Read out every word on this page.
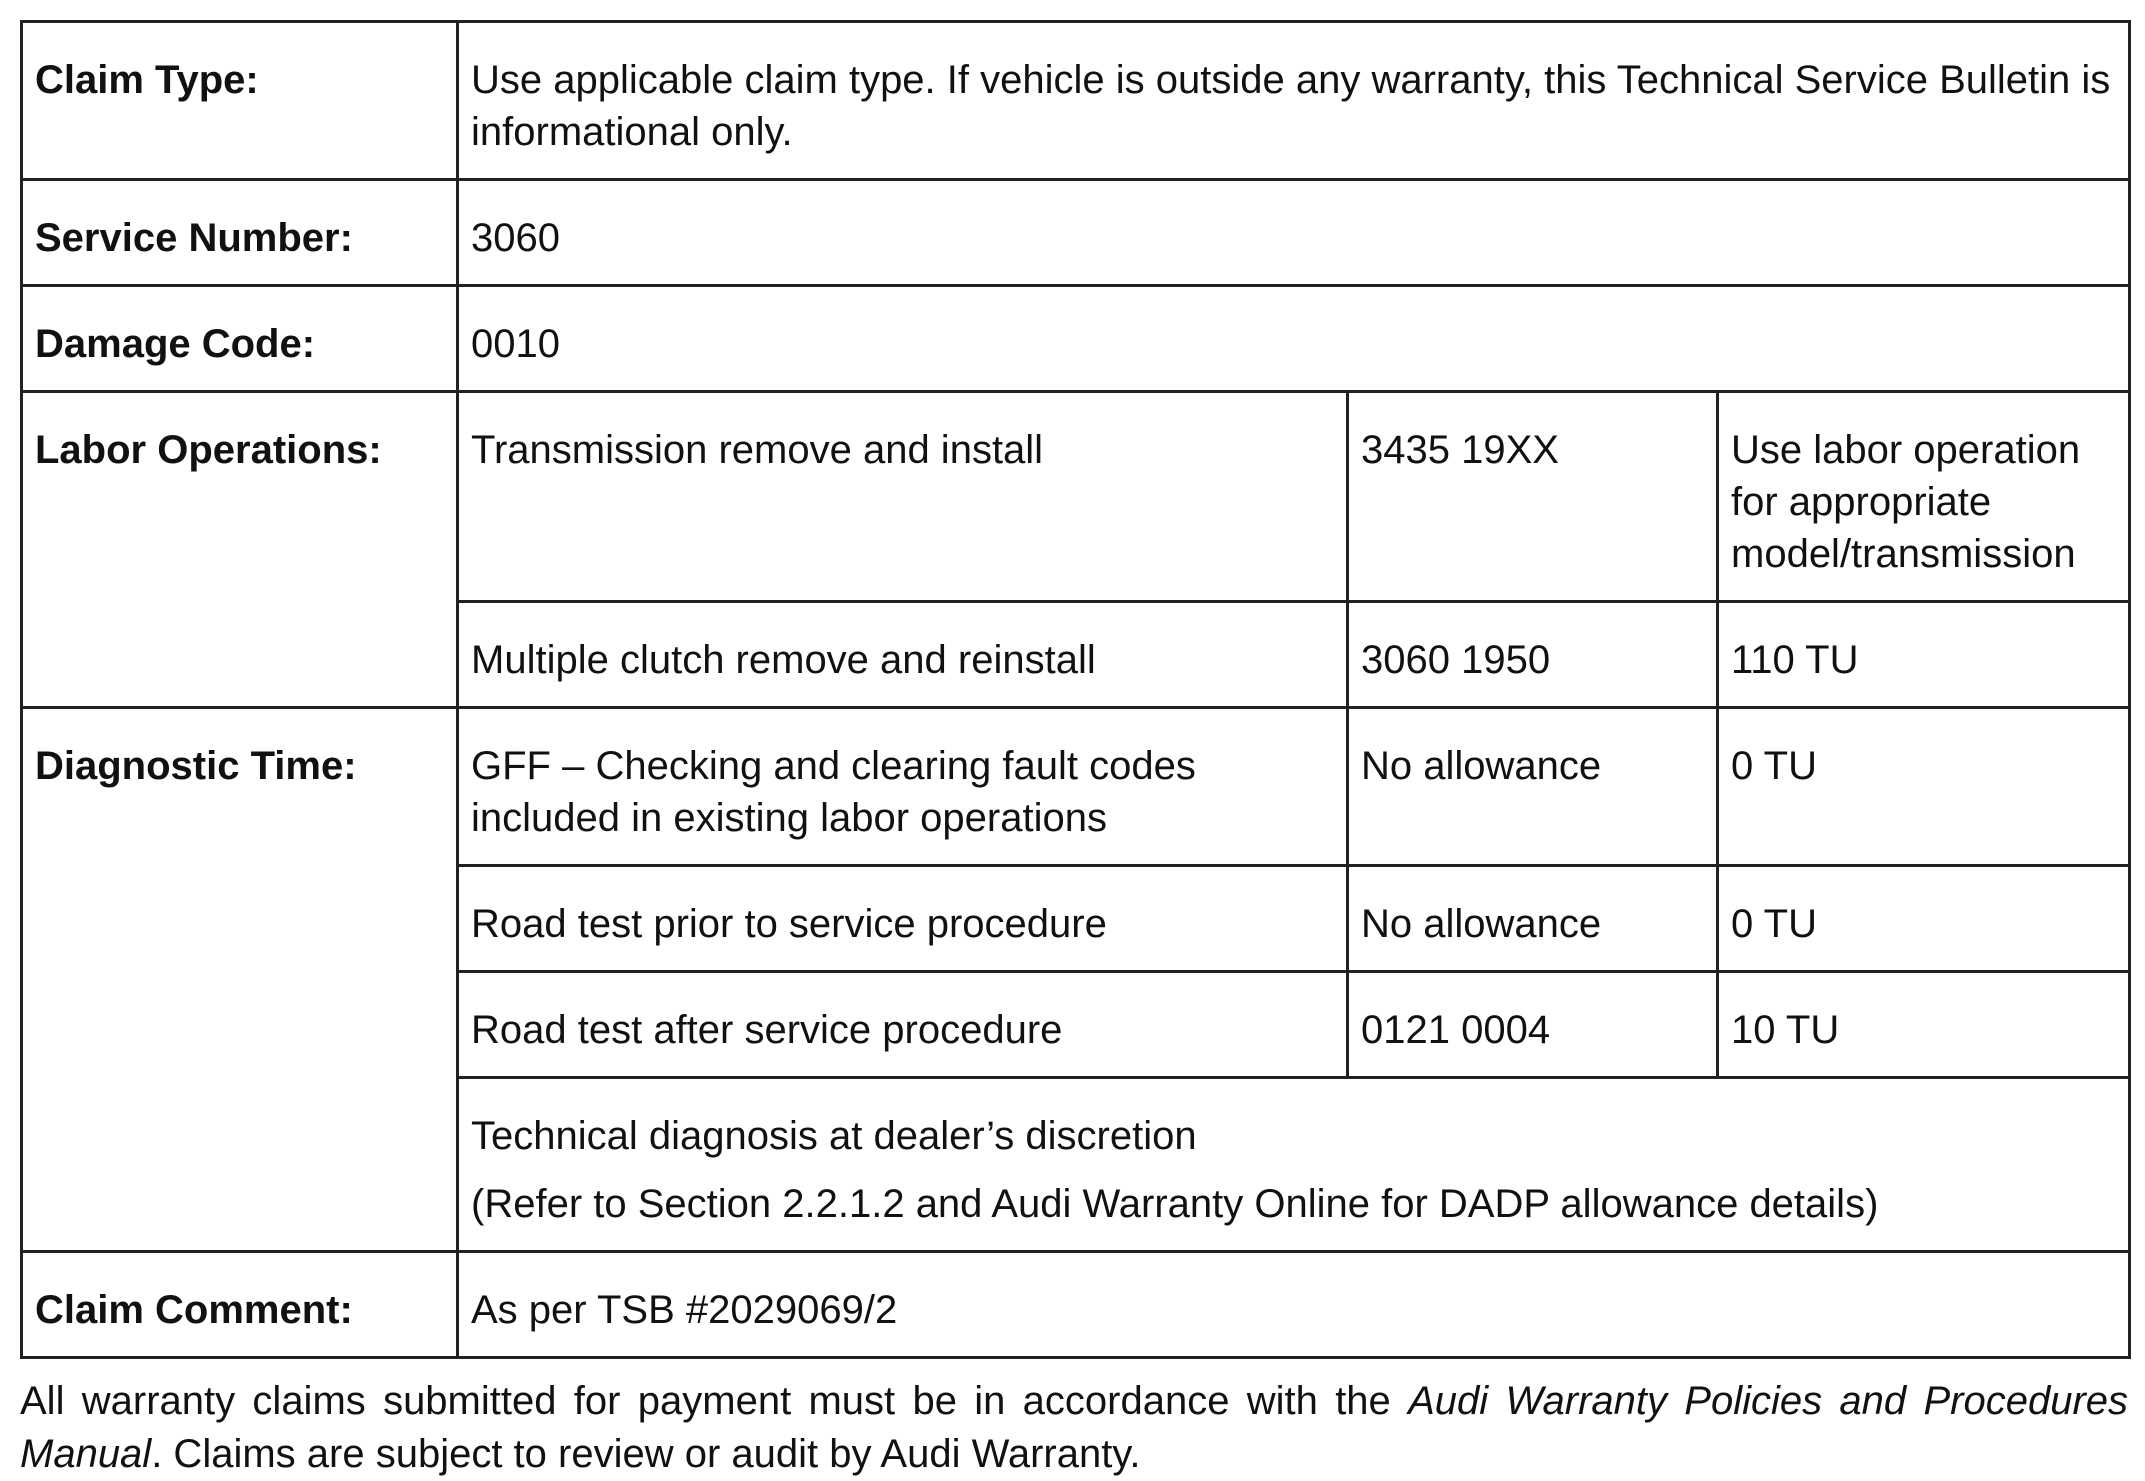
Claim Type:	Use applicable claim type. If vehicle is outside any warranty, this Technical Service Bulletin is informational only.		
Service Number:	3060		
Damage Code:	0010		
Labor Operations:	Transmission remove and install	3435 19XX	Use labor operation for appropriate model/transmission
	Multiple clutch remove and reinstall	3060 1950	110 TU
Diagnostic Time:	GFF – Checking and clearing fault codes included in existing labor operations	No allowance	0 TU
	Road test prior to service procedure	No allowance	0 TU
	Road test after service procedure	0121 0004	10 TU
	Technical diagnosis at dealer’s discretion
(Refer to Section 2.2.1.2 and Audi Warranty Online for DADP allowance details)		

Claim Comment:	As per TSB #2029069/2		
All warranty claims submitted for payment must be in accordance with the Audi Warranty Policies and Procedures Manual. Claims are subject to review or audit by Audi Warranty.
